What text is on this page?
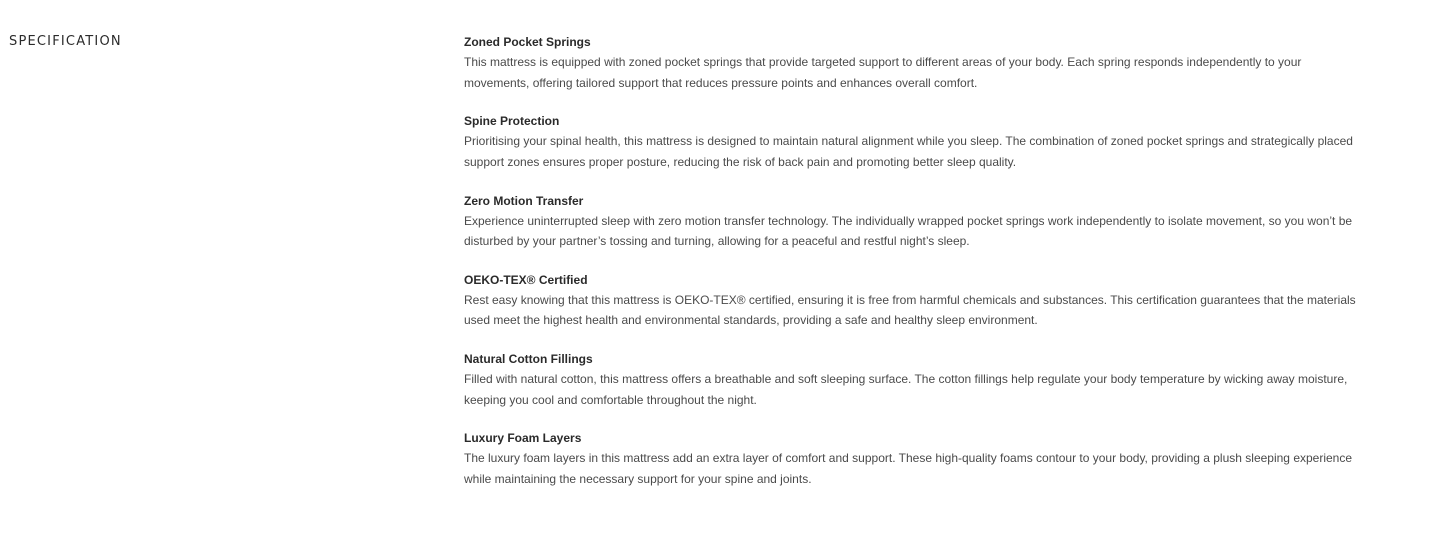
SPECIFICATION	Zoned Pocket Springs
This mattress is equipped with zoned pocket springs that provide targeted support to different areas of your body. Each spring responds independently to your movements, offering tailored support that reduces pressure points and enhances overall comfort.
Spine Protection
Prioritising your spinal health, this mattress is designed to maintain natural alignment while you sleep. The combination of zoned pocket springs and strategically placed support zones ensures proper posture, reducing the risk of back pain and promoting better sleep quality.
Zero Motion Transfer
Experience uninterrupted sleep with zero motion transfer technology. The individually wrapped pocket springs work independently to isolate movement, so you won’t be disturbed by your partner’s tossing and turning, allowing for a peaceful and restful night’s sleep.
OEKO-TEX® Certified
Rest easy knowing that this mattress is OEKO-TEX® certified, ensuring it is free from harmful chemicals and substances. This certification guarantees that the materials used meet the highest health and environmental standards, providing a safe and healthy sleep environment.
Natural Cotton Fillings
Filled with natural cotton, this mattress offers a breathable and soft sleeping surface. The cotton fillings help regulate your body temperature by wicking away moisture, keeping you cool and comfortable throughout the night.
Luxury Foam Layers
The luxury foam layers in this mattress add an extra layer of comfort and support. These high-quality foams contour to your body, providing a plush sleeping experience while maintaining the necessary support for your spine and joints.
